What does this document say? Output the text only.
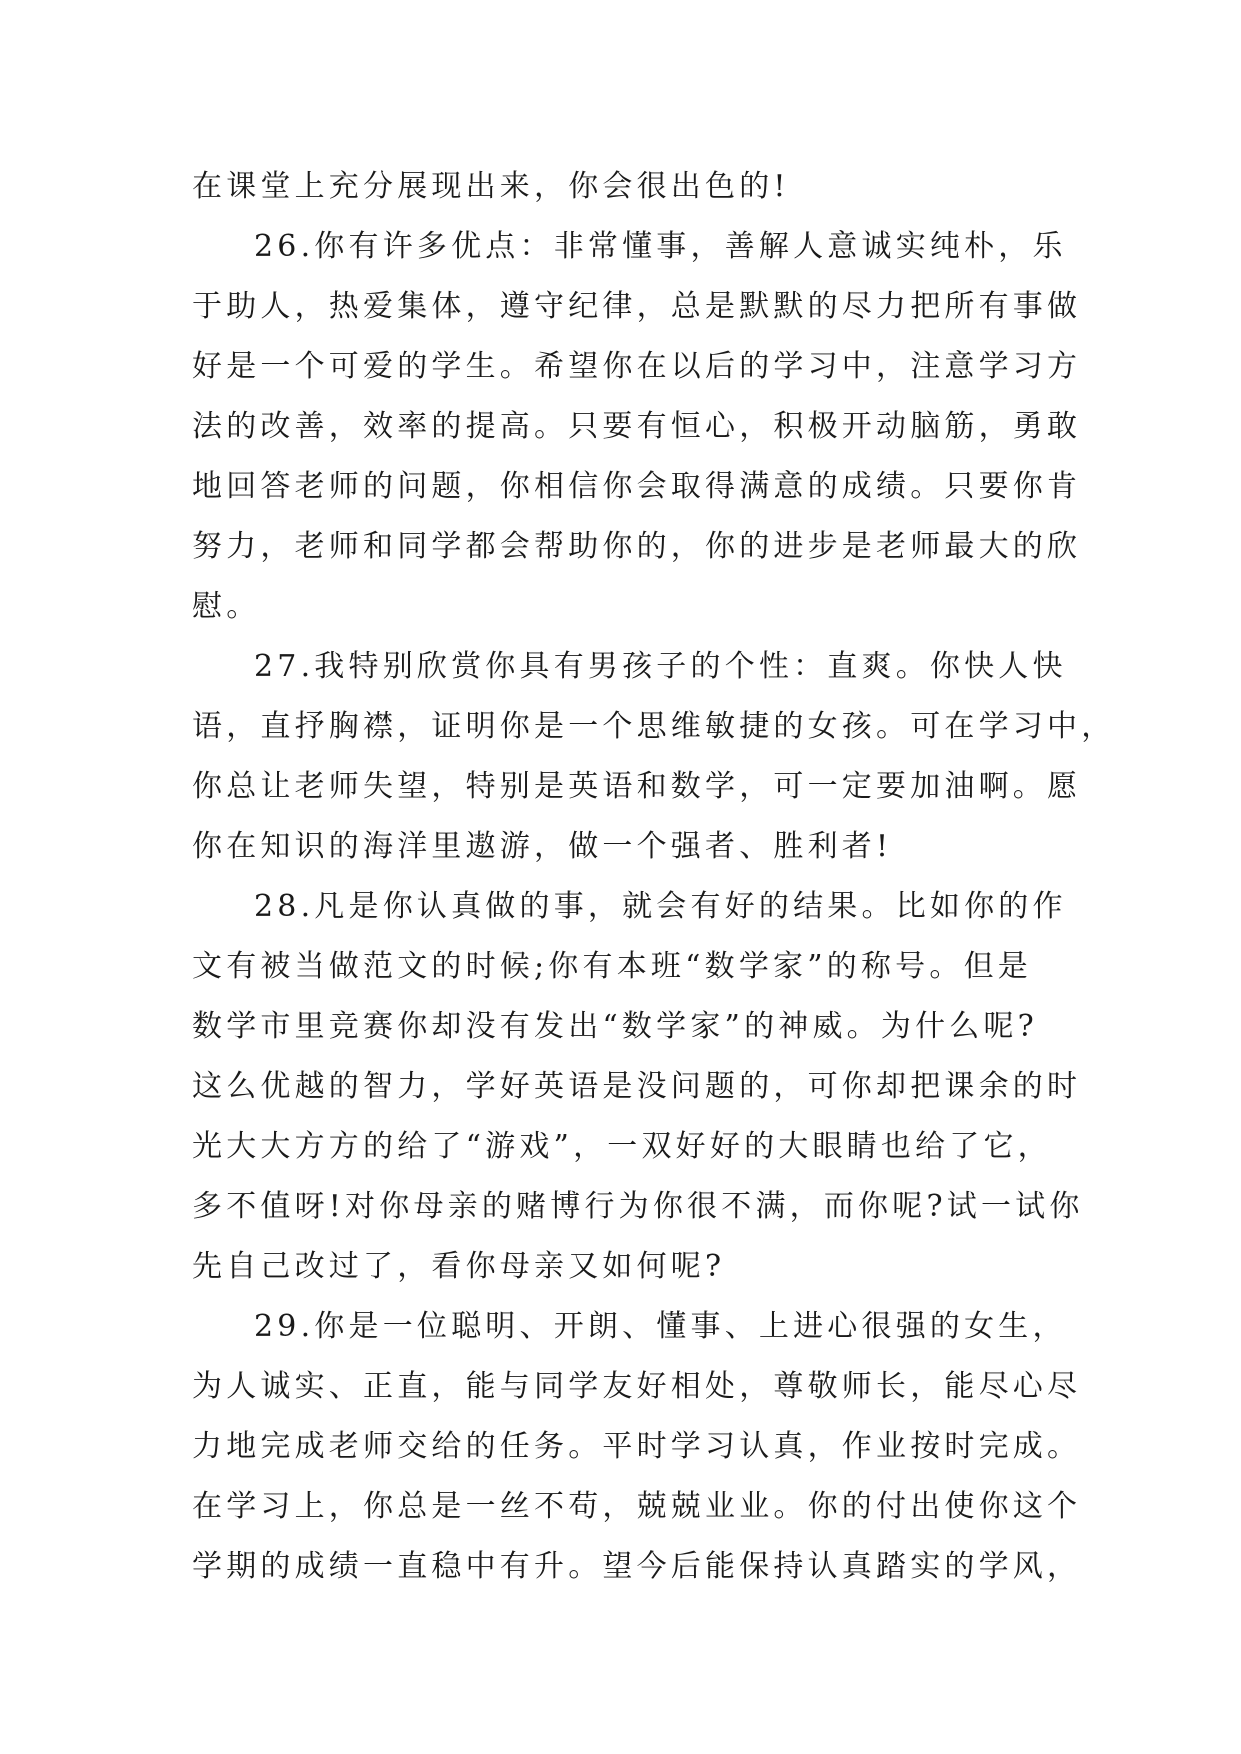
在课堂上充分展现出来，你会很出色的!
26.你有许多优点：非常懂事，善解人意诚实纯朴，乐
于助人，热爱集体，遵守纪律，总是默默的尽力把所有事做
好是一个可爱的学生。希望你在以后的学习中，注意学习方
法的改善，效率的提高。只要有恒心，积极开动脑筋，勇敢
地回答老师的问题，你相信你会取得满意的成绩。只要你肯
努力，老师和同学都会帮助你的，你的进步是老师最大的欣
慰。
27.我特别欣赏你具有男孩子的个性：直爽。你快人快
语，直抒胸襟，证明你是一个思维敏捷的女孩。可在学习中，
你总让老师失望，特别是英语和数学，可一定要加油啊。愿
你在知识的海洋里遨游，做一个强者、胜利者!
28.凡是你认真做的事，就会有好的结果。比如你的作
文有被当做范文的时候;你有本班“数学家”的称号。但是
数学市里竞赛你却没有发出“数学家”的神威。为什么呢?
这么优越的智力，学好英语是没问题的，可你却把课余的时
光大大方方的给了“游戏”，一双好好的大眼睛也给了它，
多不值呀!对你母亲的赌博行为你很不满，而你呢?试一试你
先自己改过了，看你母亲又如何呢?
29.你是一位聪明、开朗、懂事、上进心很强的女生，
为人诚实、正直，能与同学友好相处，尊敬师长，能尽心尽
力地完成老师交给的任务。平时学习认真，作业按时完成。
在学习上，你总是一丝不苟，兢兢业业。你的付出使你这个
学期的成绩一直稳中有升。望今后能保持认真踏实的学风，
